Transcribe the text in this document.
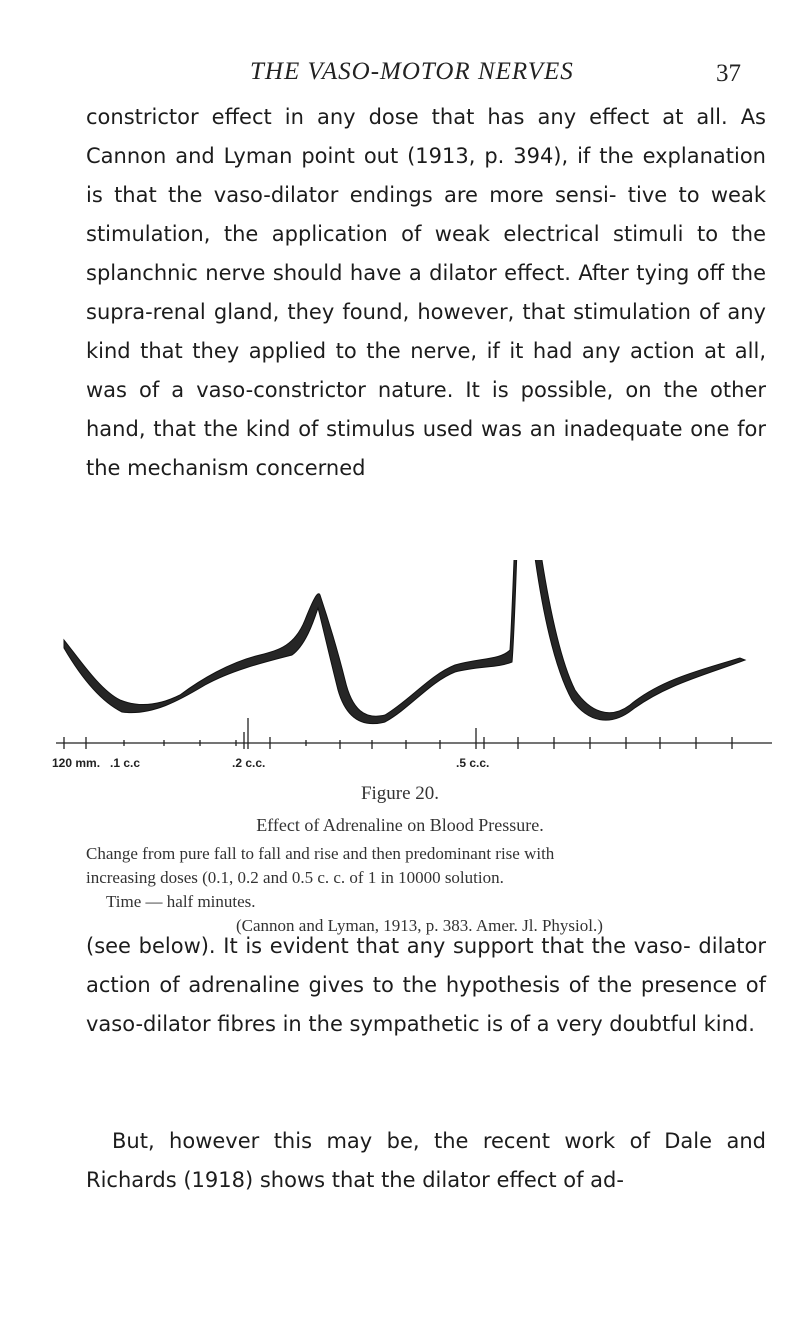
THE VASO-MOTOR NERVES	37

constrictor effect in any dose that has any effect at all. As Cannon and Lyman point out (1913, p. 394), if the explanation is that the vaso-dilator endings are more sensi- tive to weak stimulation, the application of weak electrical stimuli to the splanchnic nerve should have a dilator effect. After tying off the supra-renal gland, they found, however, that stimulation of any kind that they applied to the nerve, if it had any action at all, was of a vaso-constrictor nature. It is possible, on the other hand, that the kind of stimulus used was an inadequate one for the mechanism concerned

120 mm. .1 c.c	.2 c.c.	.5 c.c.
Figure 20.
Effect of Adrenaline on Blood Pressure.

Change from pure fall to fall and rise and then predominant rise with

increasing doses (0.1, 0.2 and 0.5 c. c. of 1 in 10000 solution.

Time — half minutes.

(Cannon and Lyman, 1913, p. 383. Amer. Jl. Physiol.)

(see below). It is evident that any support that the vaso- dilator action of adrenaline gives to the hypothesis of the presence of vaso-dilator fibres in the sympathetic is of a very doubtful kind.

But, however this may be, the recent work of Dale and Richards (1918) shows that the dilator effect of ad-
